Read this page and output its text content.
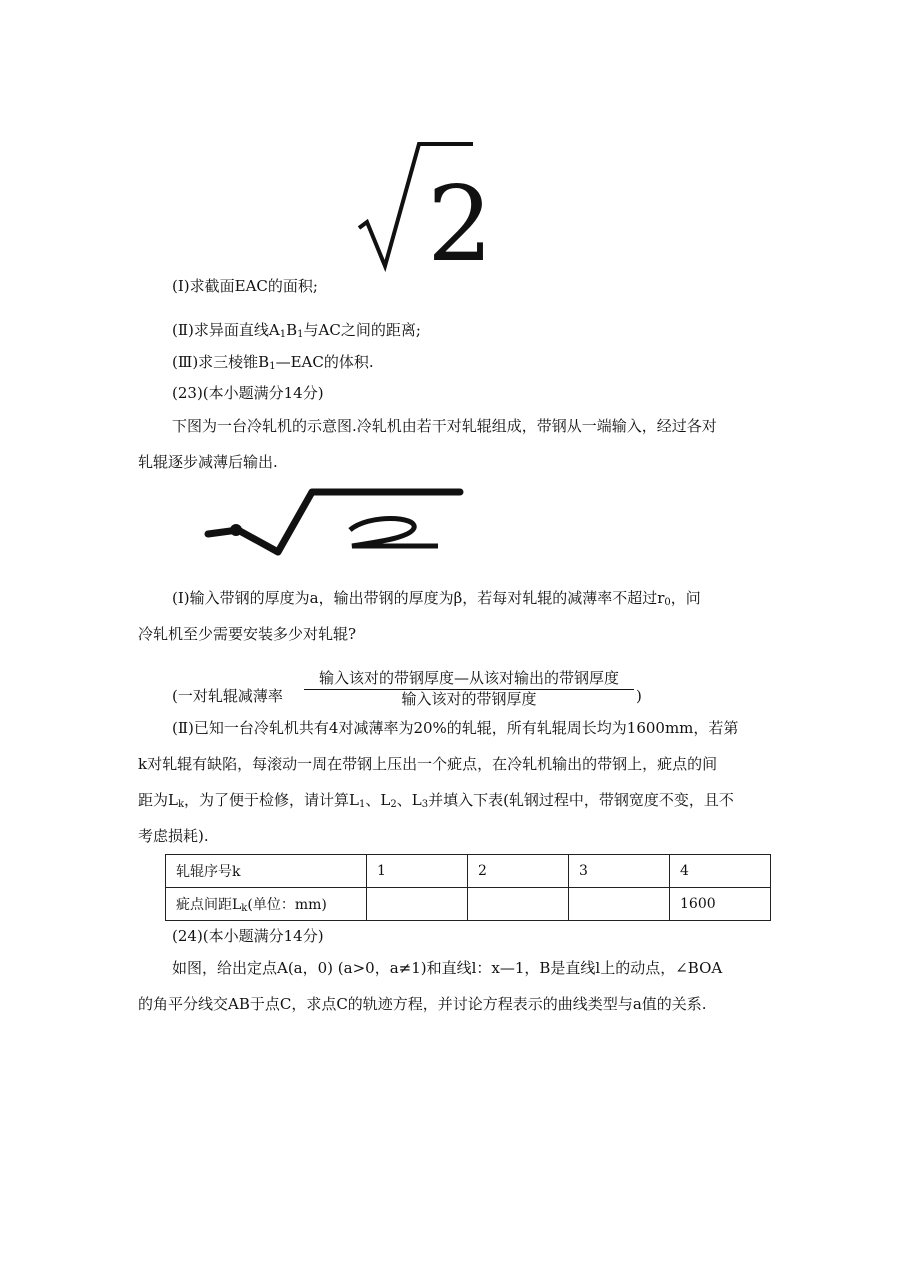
2
(Ⅰ)求截面EAC的面积;
(Ⅱ)求异面直线$A_1B_1$与AC之间的距离;
(Ⅲ)求三棱锥$B_1—EAC$的体积.
(23)(本小题满分14分)
下图为一台冷轧机的示意图.冷轧机由若干对轧辊组成，带钢从一端输入，经过各对
轧辊逐步减薄后输出.
(Ⅰ)输入带钢的厚度为a，输出带钢的厚度为β，若每对轧辊的减薄率不超过$r_0$，问
冷轧机至少需要安装多少对轧辊?
(一对轧辊减薄率
输入该对的带钢厚度—从该对输出的带钢厚度
输入该对的带钢厚度	)
(Ⅱ)已知一台冷轧机共有4对减薄率为20%的轧辊，所有轧辊周长均为1600mm，若第
k对轧辊有缺陷，每滚动一周在带钢上压出一个疵点，在冷轧机输出的带钢上，疵点的间
距为$L_k$，为了便于检修，请计算$L_1$、$L_2$、$L_3$并填入下表(轧钢过程中，带钢宽度不变，且不
考虑损耗).
轧辊序号k	1	2	3	4
疵点间距$L_k$(单位：mm)				1600
(24)(本小题满分14分)
如图，给出定点A(a，0) (a>0，a≠1)和直线l：x—1，B是直线l上的动点，∠BOA
的角平分线交AB于点C，求点C的轨迹方程，并讨论方程表示的曲线类型与a值的关系.
